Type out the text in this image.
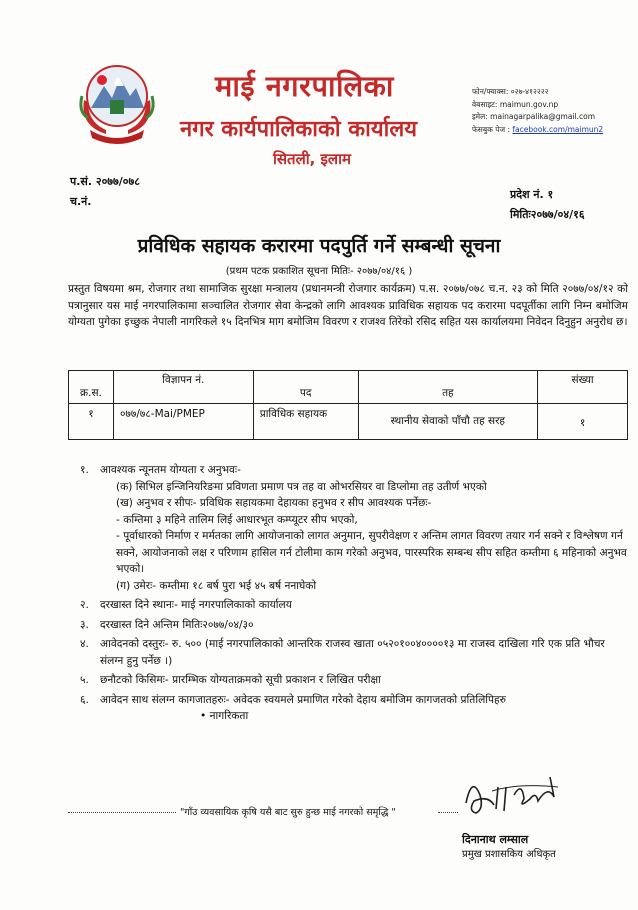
माई नगरपालिका
नगर कार्यपालिकाको कार्यालय
सितली, इलाम
फोन/फ्याक्स: ०२७-४१२२२२
वेबसाइट: maimun.gov.np
इमेल: mainagarpalika@gmail.com
फेसबुक पेज : facebook.com/maimun2
प.सं. २०७७/०७८
च.नं.
प्रदेश नं. १
मितिः२०७७/०४/१६
प्रविधिक सहायक करारमा पदपुर्ति गर्ने सम्बन्धी सूचना
(प्रथम पटक प्रकाशित सूचना मितिः- २०७७/०४/१६ )
प्रस्तुत विषयमा श्रम, रोजगार तथा सामाजिक सुरक्षा मन्त्रालय (प्रधानमन्त्री रोजगार कार्यक्रम) प.स. २०७७/०७८ च.न. २३ को मिति २०७७/०४/१२ को पत्रानुसार यस माई नगरपालिकामा सञ्चालित रोजगार सेवा केन्द्रको लागि आवश्यक प्राविधिक सहायक पद करारमा पदपूर्तीका लागि निम्न बमोजिम योग्यता पुगेका इच्छुक नेपाली नागरिकले १५ दिनभित्र माग बमोजिम विवरण र राजश्व तिरेको रसिद सहित यस कार्यालयमा निवेदन दिनुहुन अनुरोध छ।
क्र.स.	विज्ञापन नं.	पद	तह	संख्या
१	०७७/७८-Mai/PMEP	प्राविधिक सहायक	स्थानीय सेवाको पाँचौ तह सरह	१
१. आवश्यक न्यूनतम योग्यता र अनुभवः-
(क) सिभिल इन्जिनियरिङमा प्रविणता प्रमाण पत्र तह वा ओभरसियर वा डिप्लोमा तह उतीर्ण भएको
(ख) अनुभव र सीपः- प्रविधिक सहायकमा देहायका हनुभव र सीप आवश्यक पर्नेछः-
- कम्तिमा ३ महिने तालिम लिई आधारभूत कम्प्यूटर सीप भएको,
- पूर्वाधारको निर्माण र मर्मतका लागि आयोजनाको लागत अनुमान, सुपरीवेक्षण र अन्तिम लागत विवरण तयार गर्न सक्ने र विश्लेषण गर्न सक्ने, आयोजनाको लक्ष र परिणाम हासिल गर्न टोलीमा काम गरेको अनुभव, पारस्परिक सम्बन्ध सीप सहित कम्तीमा ६ महिनाको अनुभव भएको।
(ग) उमेरः- कम्तीमा १८ बर्ष पुरा भई ४५ बर्ष ननाघेको
२. दरखास्त दिने स्थानः- माई नगरपालिकाको कार्यालय
३. दरखास्त दिने अन्तिम मितिः२०७७/०४/३०
४.	आवेदनको दस्तुरः- रु. ५०० (माई नगरपालिकाको आन्तरिक राजस्व खाता ०५२०१००४००००१३ मा राजस्व दाखिला गरि एक प्रति भौचर संलग्न हुनु पर्नेछ ।)
५. छनौटको किसिमः- प्रारम्भिक योग्यताक्रमको सूची प्रकाशन र लिखित परीक्षा
६. आवेदन साथ संलग्न कागजातहरुः- अवेदक स्वयमले प्रमाणित गरेको देहाय बमोजिम कागजतको प्रतिलिपिहरु
• नागरिकता
"गाँउ व्यवसायिक कृषि यसै बाट सुरु हुन्छ माई नगरको समृद्धि "
दिनानाथ लम्साल
प्रमुख प्रशासकिय अधिकृत
